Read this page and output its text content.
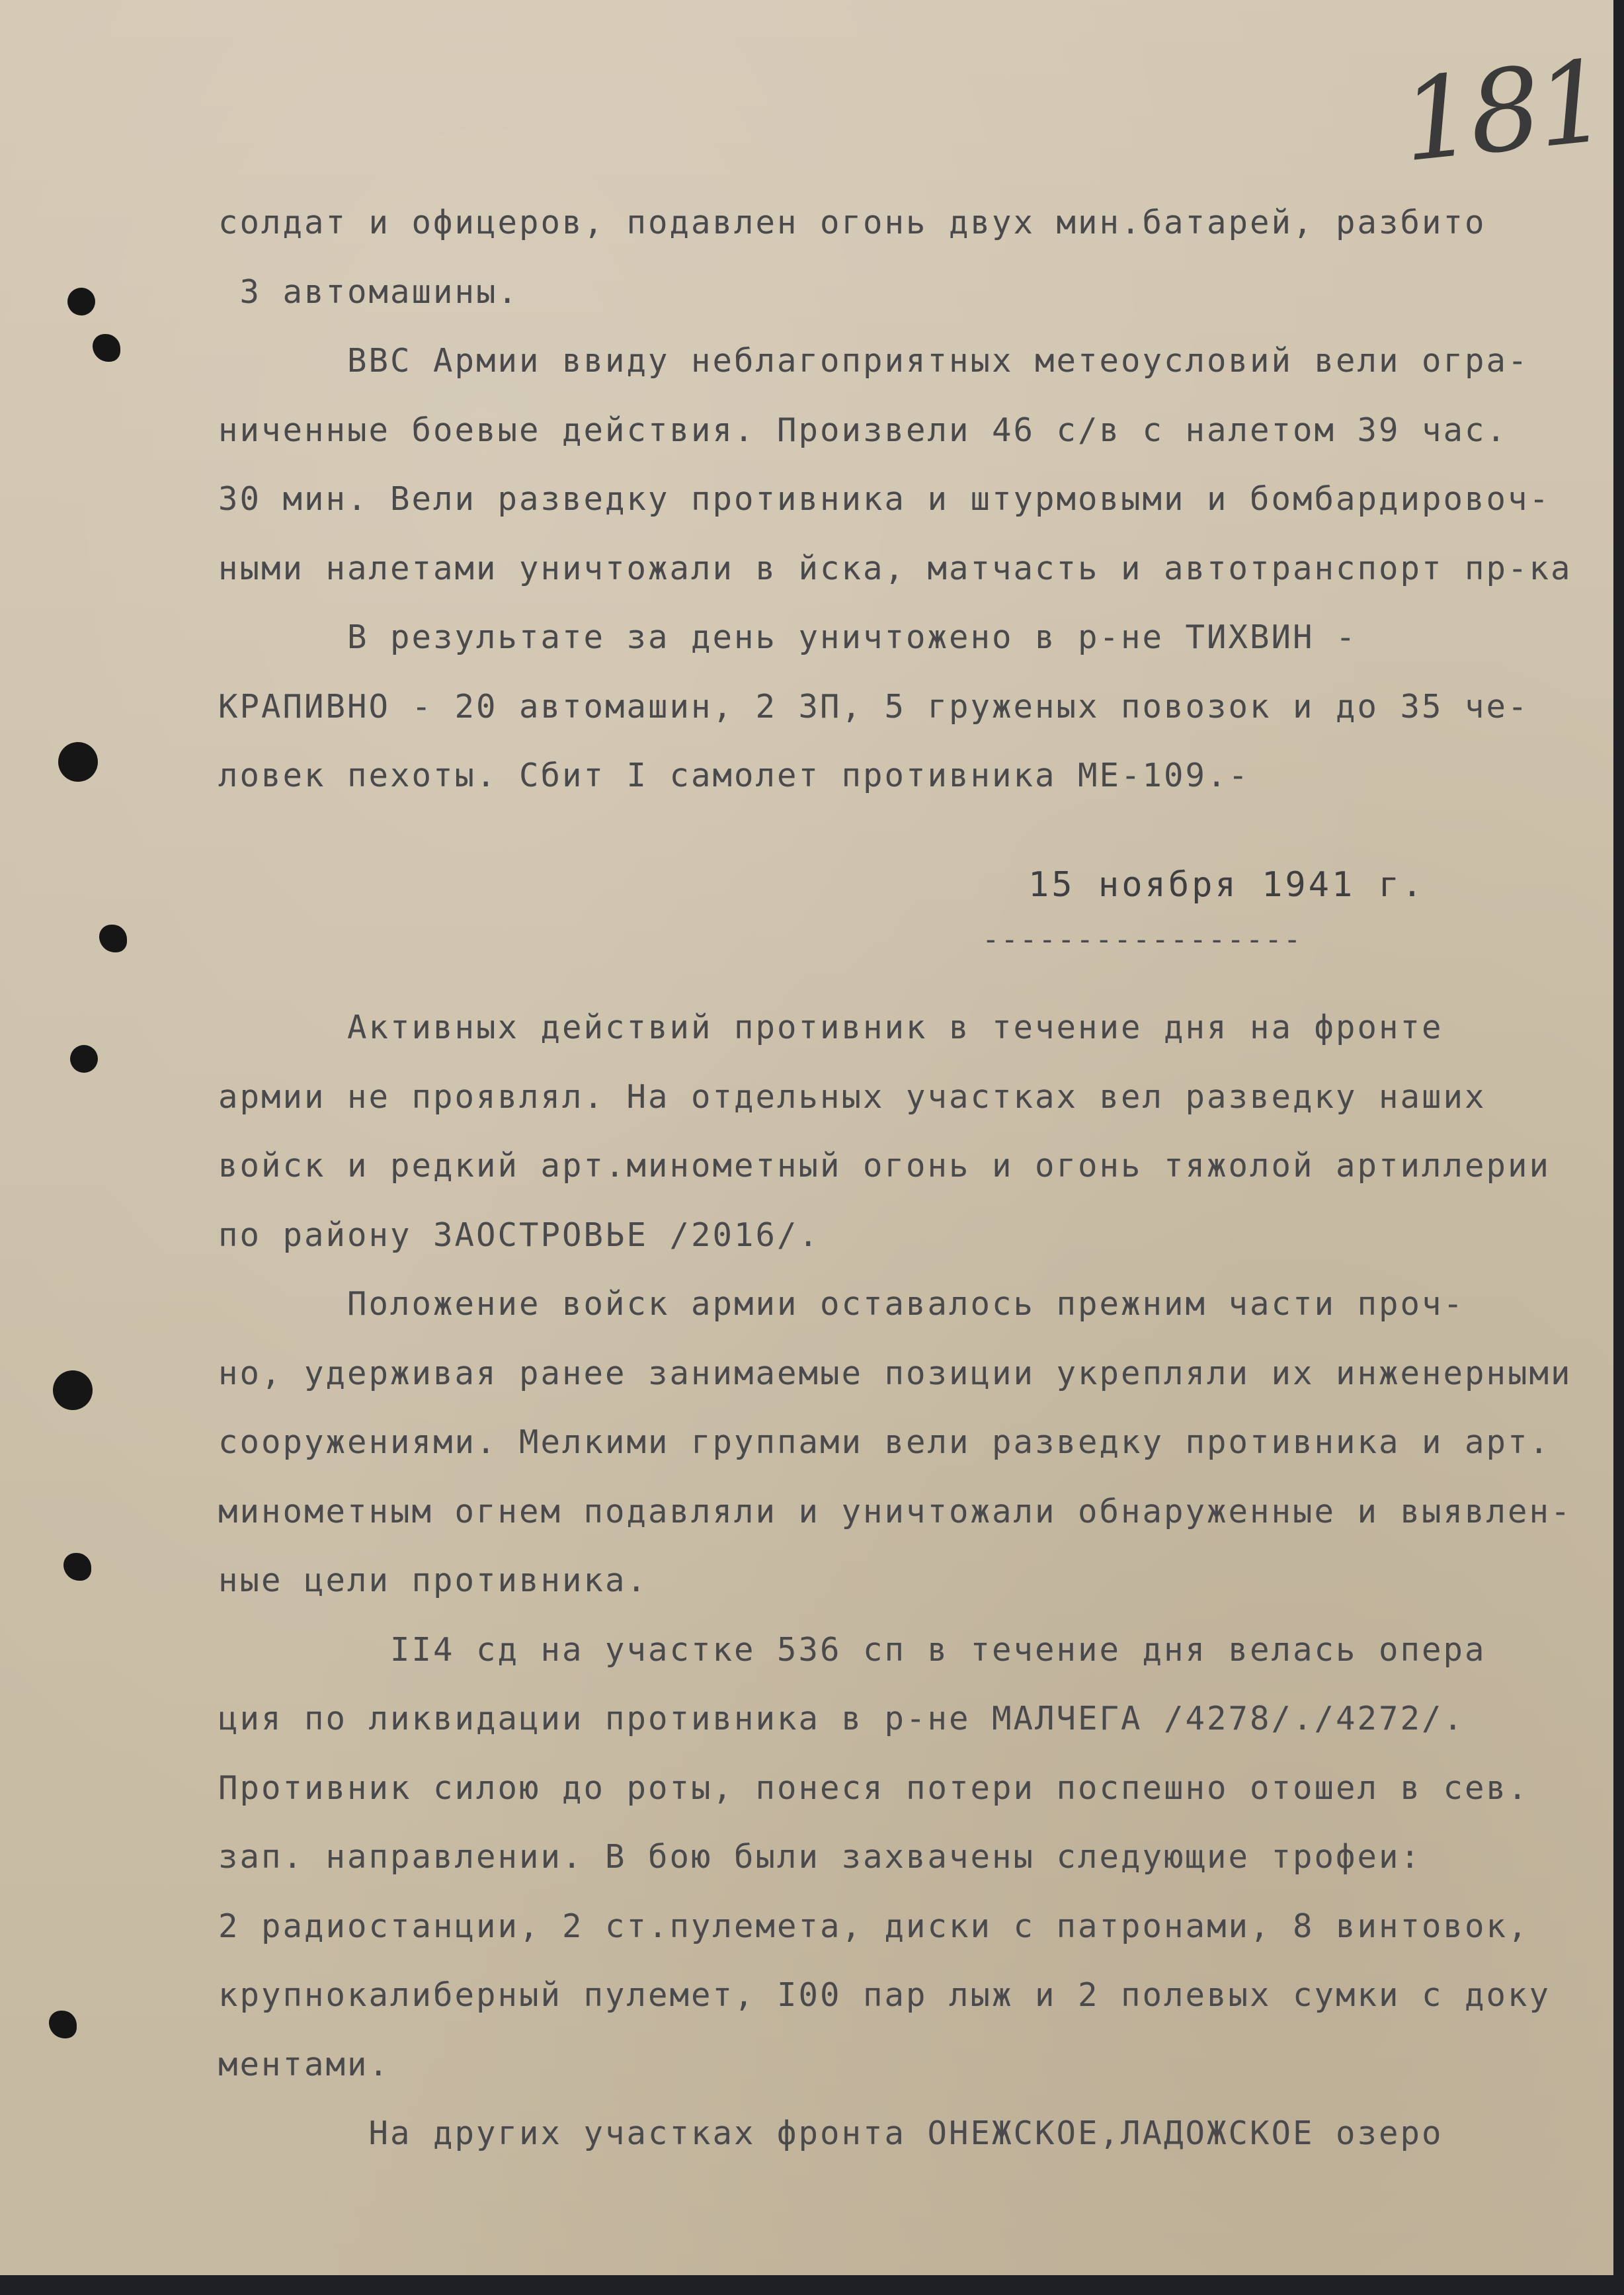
181
солдат и офицеров, подавлен огонь двух мин.батарей, разбито
3 автомашины.
ВВС Армии ввиду неблагоприятных метеоусловий вели огра-
ниченные боевые действия. Произвели 46 с/в с налетом 39 час.
30 мин. Вели разведку противника и штурмовыми и бомбардировоч-
ными налетами уничтожали в йска, матчасть и автотранспорт пр-ка
В результате за день уничтожено в р-не ТИХВИН -
КРАПИВНО - 20 автомашин, 2 ЗП, 5 груженых повозок и до 35 че-
ловек пехоты. Сбит I самолет противника МЕ-109.-
15 ноября 1941 г.
-----------------
Активных действий противник в течение дня на фронте
армии не проявлял. На отдельных участках вел разведку наших
войск и редкий арт.минометный огонь и огонь тяжолой артиллерии
по району ЗАОСТРОВЬЕ /2016/.
Положение войск армии оставалось прежним части проч-
но, удерживая ранее занимаемые позиции укрепляли их инженерными
сооружениями. Мелкими группами вели разведку противника и арт.
минометным огнем подавляли и уничтожали обнаруженные и выявлен-
ные цели противника.
II4 сд на участке 536 сп в течение дня велась опера
ция по ликвидации противника в р-не МАЛЧЕГА /4278/./4272/.
Противник силою до роты, понеся потери поспешно отошел в сев.
зап. направлении. В бою были захвачены следующие трофеи:
2 радиостанции, 2 ст.пулемета, диски с патронами, 8 винтовок,
крупнокалиберный пулемет, I00 пар лыж и 2 полевых сумки с доку
ментами.
На других участках фронта ОНЕЖСКОЕ,ЛАДОЖСКОЕ озеро
